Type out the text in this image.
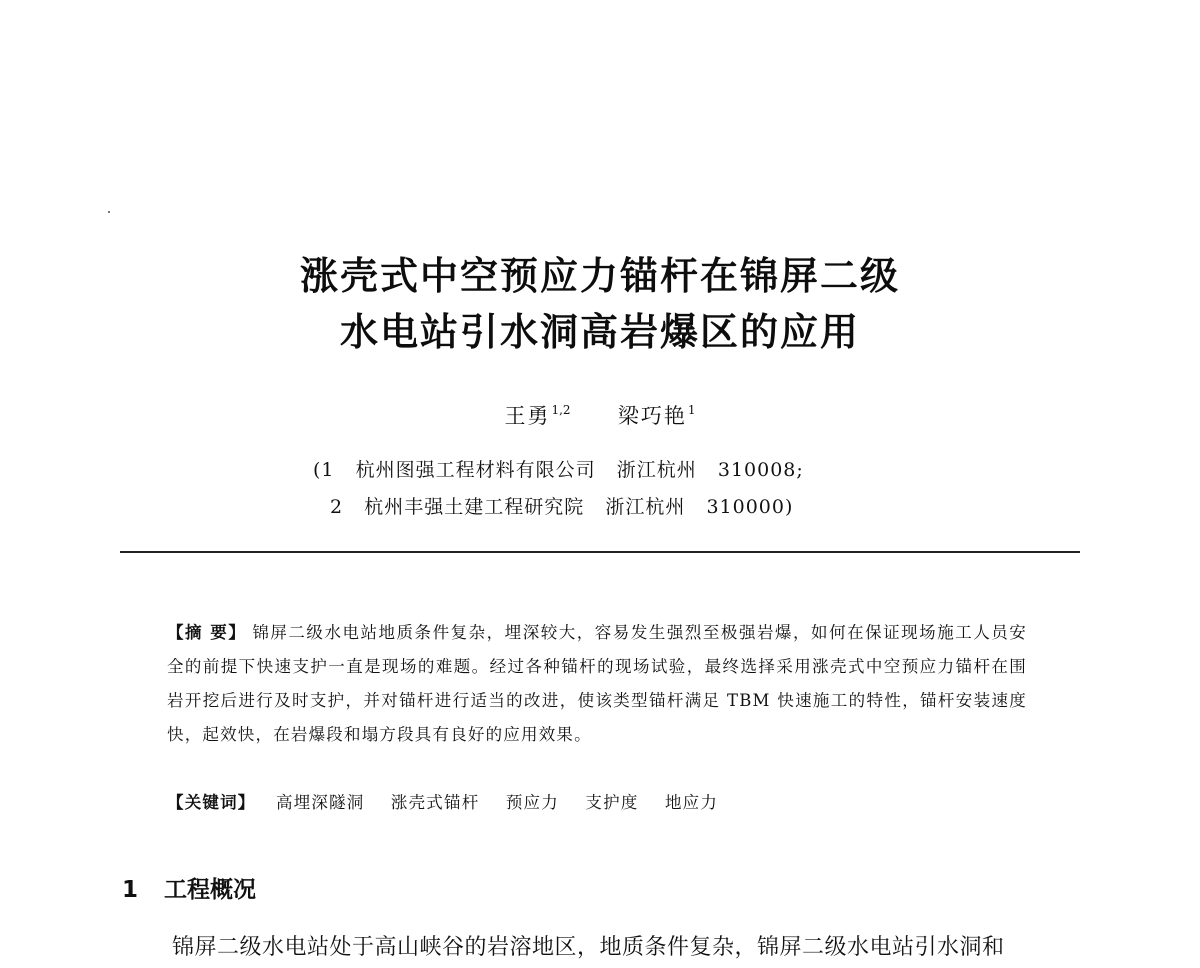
涨壳式中空预应力锚杆在锦屏二级
水电站引水洞高岩爆区的应用
王勇$^{1,2}$ 梁巧艳$^1$
(1   杭州图强工程材料有限公司   浙江杭州   310008;
2   杭州丰强土建工程研究院   浙江杭州   310000)
【摘 要】 锦屏二级水电站地质条件复杂，埋深较大，容易发生强烈至极强岩爆，如何在保证现场施工人员安全的前提下快速支护一直是现场的难题。经过各种锚杆的现场试验，最终选择采用涨壳式中空预应力锚杆在围岩开挖后进行及时支护，并对锚杆进行适当的改进，使该类型锚杆满足 TBM 快速施工的特性，锚杆安装速度快，起效快，在岩爆段和塌方段具有良好的应用效果。
【关键词】 高埋深隧洞 涨壳式锚杆 预应力 支护度 地应力
1 工程概况
锦屏二级水电站处于高山峡谷的岩溶地区，地质条件复杂，锦屏二级水电站引水洞和
